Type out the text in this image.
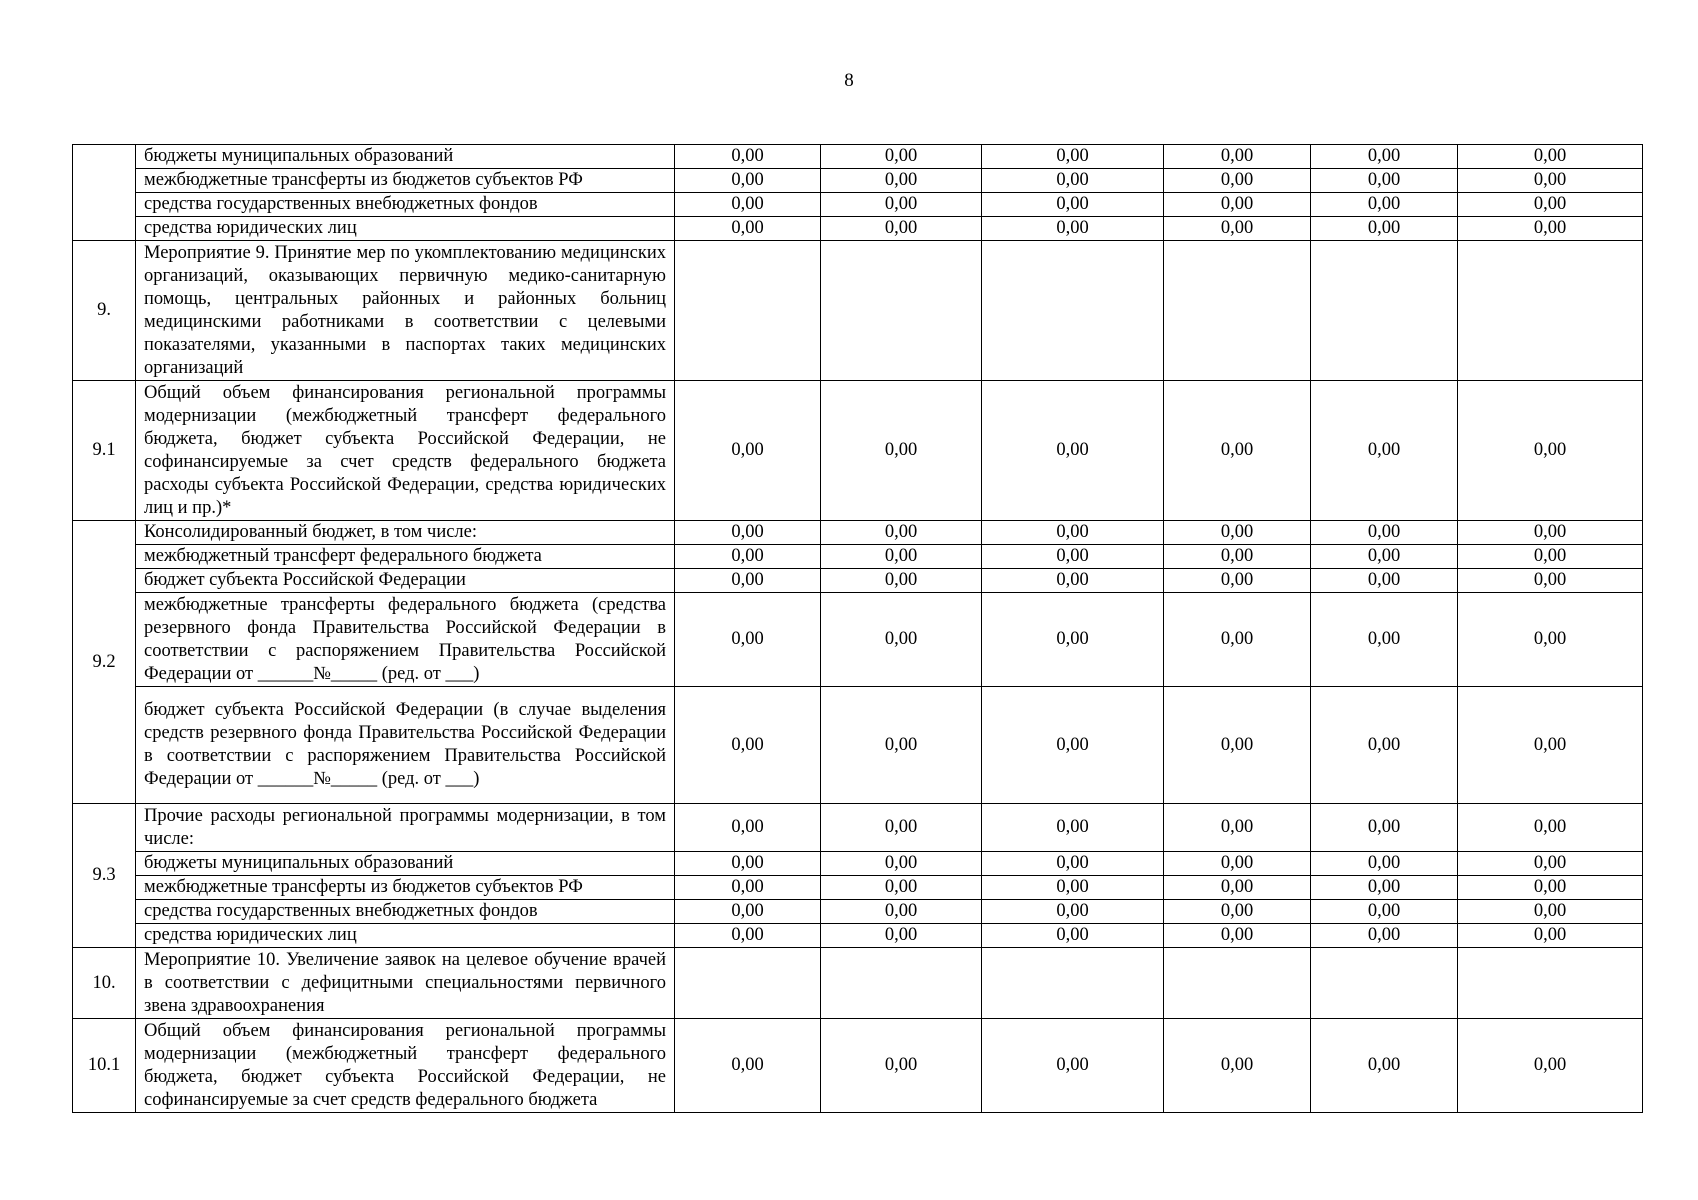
8
	бюджеты муниципальных образований	0,00	0,00	0,00	0,00	0,00	0,00
	межбюджетные трансферты из бюджетов субъектов РФ	0,00	0,00	0,00	0,00	0,00	0,00
	средства государственных внебюджетных фондов	0,00	0,00	0,00	0,00	0,00	0,00
	средства юридических лиц	0,00	0,00	0,00	0,00	0,00	0,00
9.	Мероприятие 9. Принятие мер по укомплектованию медицинских организаций, оказывающих первичную медико-санитарную помощь, центральных районных и районных больниц медицинскими работниками в соответствии с целевыми показателями, указанными в паспортах таких медицинских организаций						
9.1	Общий объем финансирования региональной программы модернизации (межбюджетный трансферт федерального бюджета, бюджет субъекта Российской Федерации, не софинансируемые за счет средств федерального бюджета расходы субъекта Российской Федерации, средства юридических лиц и пр.)*	0,00	0,00	0,00	0,00	0,00	0,00
9.2	Консолидированный бюджет, в том числе:	0,00	0,00	0,00	0,00	0,00	0,00
	межбюджетный трансферт федерального бюджета	0,00	0,00	0,00	0,00	0,00	0,00
	бюджет субъекта Российской Федерации	0,00	0,00	0,00	0,00	0,00	0,00
	межбюджетные трансферты федерального бюджета (средства резервного фонда Правительства Российской Федерации в соответствии с распоряжением Правительства Российской Федерации от ______№_____ (ред. от ___)	0,00	0,00	0,00	0,00	0,00	0,00
	бюджет субъекта Российской Федерации (в случае выделения средств резервного фонда Правительства Российской Федерации в соответствии с распоряжением Правительства Российской Федерации от ______№_____ (ред. от ___)	0,00	0,00	0,00	0,00	0,00	0,00
9.3	Прочие расходы региональной программы модернизации, в том числе:	0,00	0,00	0,00	0,00	0,00	0,00
	бюджеты муниципальных образований	0,00	0,00	0,00	0,00	0,00	0,00
	межбюджетные трансферты из бюджетов субъектов РФ	0,00	0,00	0,00	0,00	0,00	0,00
	средства государственных внебюджетных фондов	0,00	0,00	0,00	0,00	0,00	0,00
	средства юридических лиц	0,00	0,00	0,00	0,00	0,00	0,00
10.	Мероприятие 10. Увеличение заявок на целевое обучение врачей в соответствии с дефицитными специальностями первичного звена здравоохранения						
10.1	Общий объем финансирования региональной программы модернизации (межбюджетный трансферт федерального бюджета, бюджет субъекта Российской Федерации, не софинансируемые за счет средств федерального бюджета	0,00	0,00	0,00	0,00	0,00	0,00
